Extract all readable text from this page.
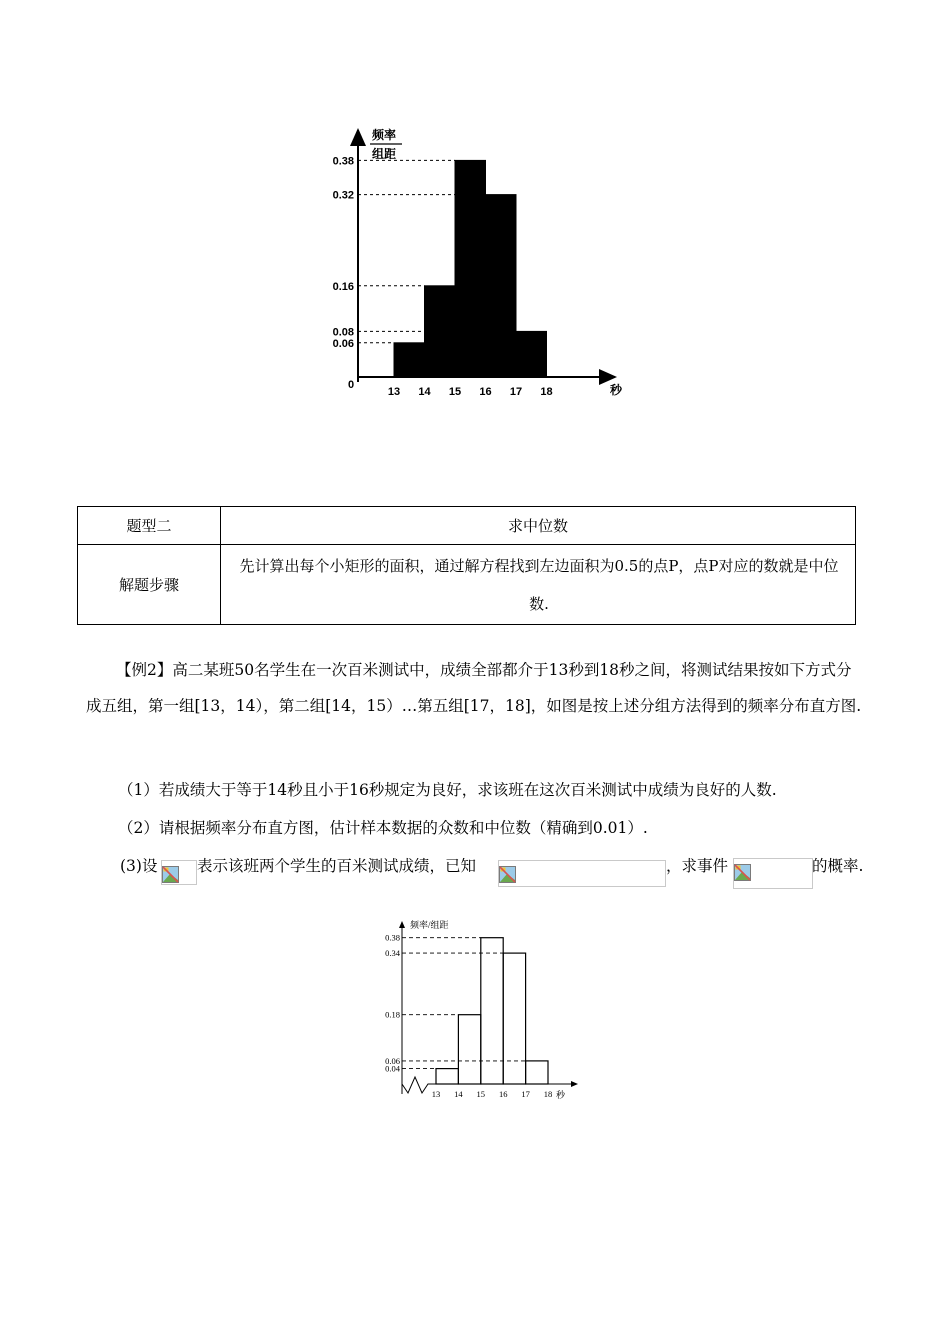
频率
组距
0	秒
0.38
0.32
0.16
0.08
0.06
13 14 15 16 17 18
题型二	求中位数
解题步骤	先计算出每个小矩形的面积，通过解方程找到左边面积为0.5的点P，点P对应的数就是中位数.
【例2】高二某班50名学生在一次百米测试中，成绩全部都介于13秒到18秒之间，将测试结果按如下方式分成五组，第一组[13，14），第二组[14，15）…第五组[17，18]，如图是按上述分组方法得到的频率分布直方图.
（1）若成绩大于等于14秒且小于16秒规定为良好，求该班在这次百米测试中成绩为良好的人数.
（2）请根据频率分布直方图，估计样本数据的众数和中位数（精确到0.01）.
(3)设	表示该班两个学生的百米测试成绩，已知	，求事件	的概率.
频率/组距
秒
0.38
0.34
0.18
0.06
0.04
13 14 15 16 17 18
